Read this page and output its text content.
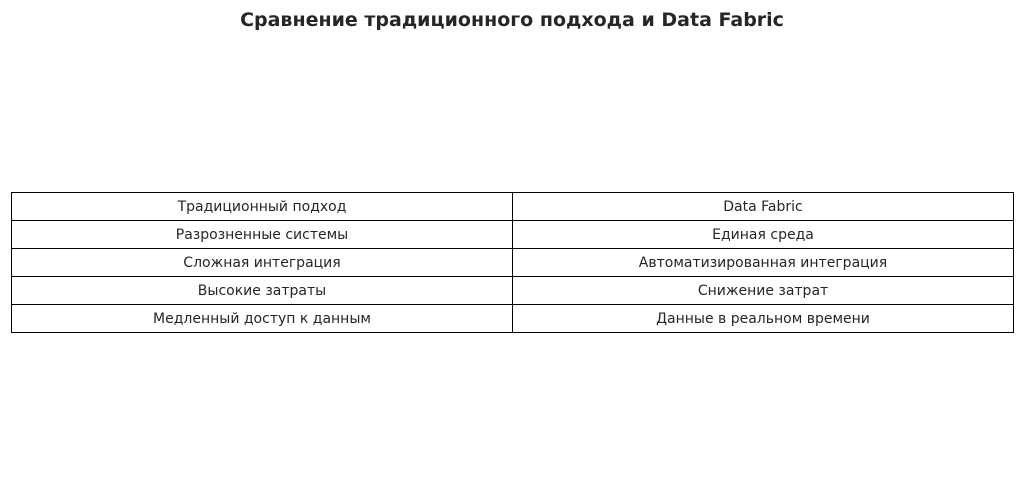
Сравнение традиционного подхода и Data Fabric
Традиционный подход	Data Fabric
Разрозненные системы	Единая среда
Сложная интеграция	Автоматизированная интеграция
Высокие затраты	Снижение затрат
Медленный доступ к данным	Данные в реальном времени
